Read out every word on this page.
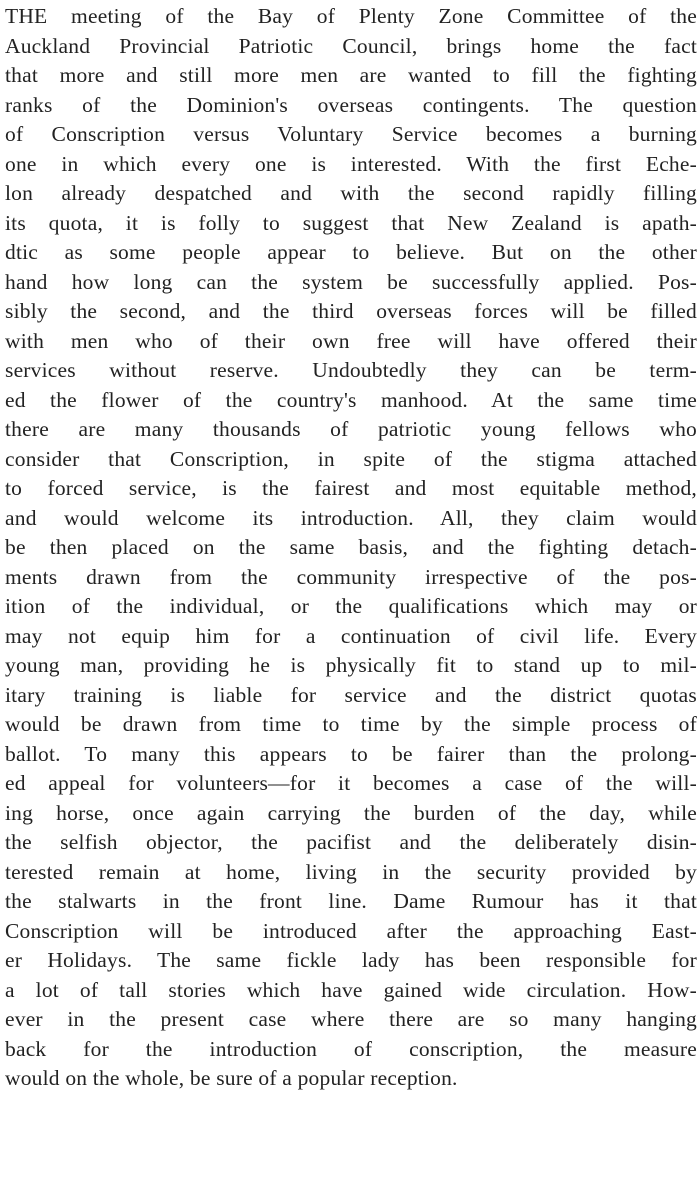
THE meeting of the Bay of Plenty Zone Committee of the
Auckland Provincial Patriotic Council, brings home the fact
that more and still more men are wanted to fill the fighting
ranks of the Dominion's overseas contingents. The question
of Conscription versus Voluntary Service becomes a burning
one in which every one is interested. With the first Eche-
lon already despatched and with the second rapidly filling
its quota, it is folly to suggest that New Zealand is apath-
dtic as some people appear to believe. But on the other
hand how long can the system be successfully applied. Pos-
sibly the second, and the third overseas forces will be filled
with men who of their own free will have offered their
services without reserve. Undoubtedly they can be term-
ed the flower of the country's manhood. At the same time
there are many thousands of patriotic young fellows who
consider that Conscription, in spite of the stigma attached
to forced service, is the fairest and most equitable method,
and would welcome its introduction. All, they claim would
be then placed on the same basis, and the fighting detach-
ments drawn from the community irrespective of the pos-
ition of the individual, or the qualifications which may or
may not equip him for a continuation of civil life. Every
young man, providing he is physically fit to stand up to mil-
itary training is liable for service and the district quotas
would be drawn from time to time by the simple process of
ballot. To many this appears to be fairer than the prolong-
ed appeal for volunteers—for it becomes a case of the will-
ing horse, once again carrying the burden of the day, while
the selfish objector, the pacifist and the deliberately disin-
terested remain at home, living in the security provided by
the stalwarts in the front line. Dame Rumour has it that
Conscription will be introduced after the approaching East-
er Holidays. The same fickle lady has been responsible for
a lot of tall stories which have gained wide circulation. How-
ever in the present case where there are so many hanging
back for the introduction of conscription, the measure
would on the whole, be sure of a popular reception.
